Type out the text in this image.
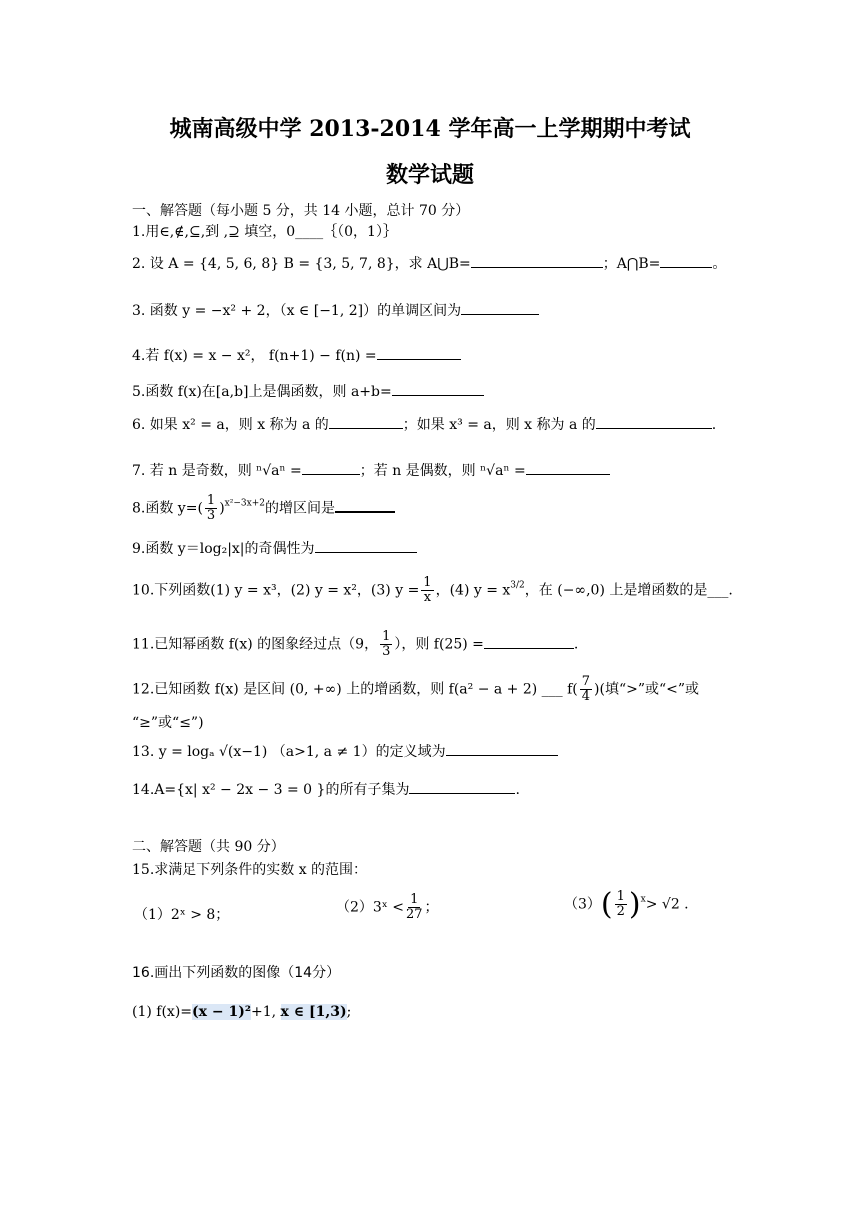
城南高级中学 2013-2014 学年高一上学期期中考试
数学试题
一、解答题（每小题 5 分，共 14 小题，总计 70 分）
1.用∈,∉,⊆,到 ,⊇ 填空，0____｛（0，1）｝
2. 设 A = {4, 5, 6, 8} B = {3, 5, 7, 8}，求 A⋃B=	；A⋂B=	。
3. 函数 y = −x² + 2，（x ∈ [−1, 2]）的单调区间为
4.若 f(x) = x − x²， f(n+1) − f(n) =
5.函数 f(x)在[a,b]上是偶函数，则 a+b=
6. 如果 x² = a，则 x 称为 a 的	；如果 x³ = a，则 x 称为 a 的	.
7. 若 n 是奇数，则 ⁿ√aⁿ =	；若 n 是偶数，则 ⁿ√aⁿ =
8.函数 $y=( \frac{1}{3} )^{x^2-3x+2}$的增区间是
9.函数 y＝log₂|x|的奇偶性为
10.下列函数(1) y = x³，(2) y = x²，(3) $y = \frac{1}{x}$ ，(4) $y = x^{3/2}$，在 (−∞,0) 上是增函数的是___.
11.已知幂函数 f(x) 的图象经过点（9， $\frac{1}{3}$ ），则 f(25) =	.
12.已知函数 f(x) 是区间 (0, +∞) 上的增函数，则 f(a² − a + 2) ___ $f( \frac{7}{4}$ )(填“>”或“<”或
“≥”或“≤”)
13. y = logₐ √(x−1) （a>1, a ≠ 1）的定义域为
14.A={x| x² − 2x − 3 = 0 }的所有子集为	.
二、解答题（共 90 分）
15.求满足下列条件的实数 x 的范围：
（1）2ˣ > 8；	（2）3ˣ < $\frac{1}{27}$ ；	$(3)( \frac{1}{2} )^x> √2$ .
16.画出下列函数的图像（14分）
(1) f(x)=(x − 1)²+1, x ∈ [1,3);
